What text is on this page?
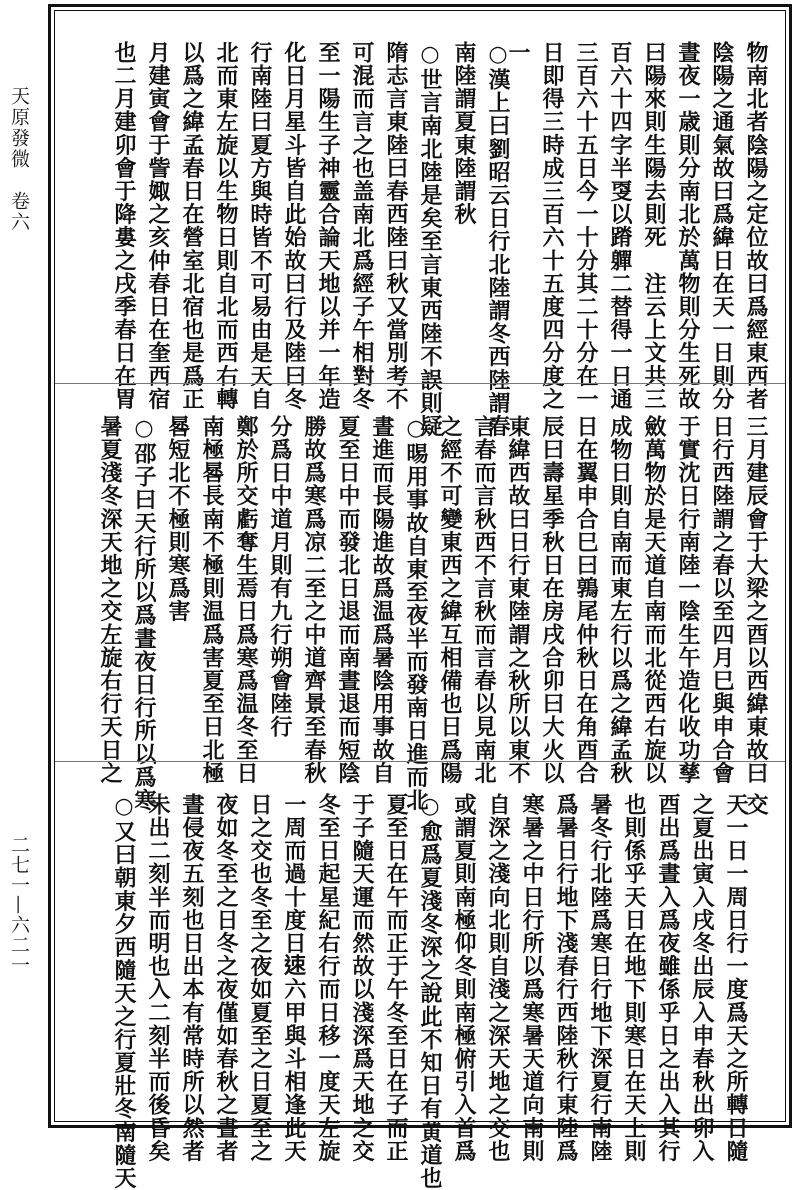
天原發微　卷六
二七一—六二一
物南北者陰陽之定位故曰爲經東西者
陰陽之通氣故曰爲緯日在天一日則分
晝夜一歳則分南北於萬物則分生死故
曰陽來則生陽去則死　注云上文共三
百六十四字半㪅以蹐軃二替得一日通
三百六十五日今一十分其二十分在一
日即得三時成三百六十五度四分度之
一
○漢上曰劉昭云日行北陸謂冬西陸謂春
南陸謂夏東陸謂秋
○世言南北陸是矣至言東西陸不誤則疑
隋志言東陸曰春西陸曰秋又當別考不
可混而言之也盖南北爲經子午相對冬
至一陽生子神靈合論天地以并一年造
化日月星斗皆自此始故曰行及陸曰冬
行南陸曰夏方與時皆不可易由是天自
北而東左旋以生物日則自北而西右轉
以爲之緯孟春日在營室北宿也是爲正
月建寅會于訾娵之亥仲春日在奎西宿
也二月建卯會于降婁之戌季春日在胃
三月建辰會于大梁之酉以西緯東故曰
日行西陸謂之春以至四月巳與申合會
于實沈日行南陸一陰生午造化收功孳
斂萬物於是天道自南而北從西右旋以
成物日則自南而東左行以爲之緯孟秋
日在翼申合巳曰鶉尾仲秋日在角酉合
辰曰壽星季秋日在房戌合卯曰大火以
東緯西故曰日行東陸謂之秋所以東不
言春而言秋西不言秋而言春以見南北
之經不可變東西之緯互相備也日爲陽
○晹用事故自東至夜半而發南日進而北
晝進而長陽進故爲温爲暑陰用事故自
夏至日中而發北日退而南晝退而短陰
勝故爲寒爲凉二至之中道齊景至春秋
分爲日中道月則有九行朔會陸行
鄭於所交虧奪生焉日爲寒爲温冬至日
南極晷長南不極則温爲害夏至日北極
晷短北不極則寒爲害
○邵子曰天行所以爲晝夜日行所以爲寒
暑夏淺冬深天地之交左旋右行天日之
交
天一日一周日行一度爲天之所轉日隨
之夏出寅入戌冬出辰入申春秋出卯入
酉出爲晝入爲夜雖係乎日之出入其行
也則係乎天日在地下則寒日在天上則
暑冬行北陸爲寒日行地下深夏行南陸
爲暑日行地下淺春行西陸秋行東陸爲
寒暑之中日行所以爲寒暑天道向南則
自深之淺向北則自淺之深天地之交也
或謂夏則南極仰冬則南極俯引入首爲
○愈爲夏淺冬深之說此不知日有黄道也
夏至日在午而正于午冬至日在子而正
于子隨天運而然故以淺深爲天地之交
冬至日起星紀右行而日移一度天左旋
一周而過十度日𨒪六甲與斗相逢此天
日之交也冬至之夜如夏至之日夏至之
夜如冬至之日冬之夜僅如春秋之晝者
晝侵夜五刻也日出本有常時所以然者
未出二刻半而明也入二刻半而後昏矣
○又曰朝東夕西隨天之行夏壯冬南隨天
